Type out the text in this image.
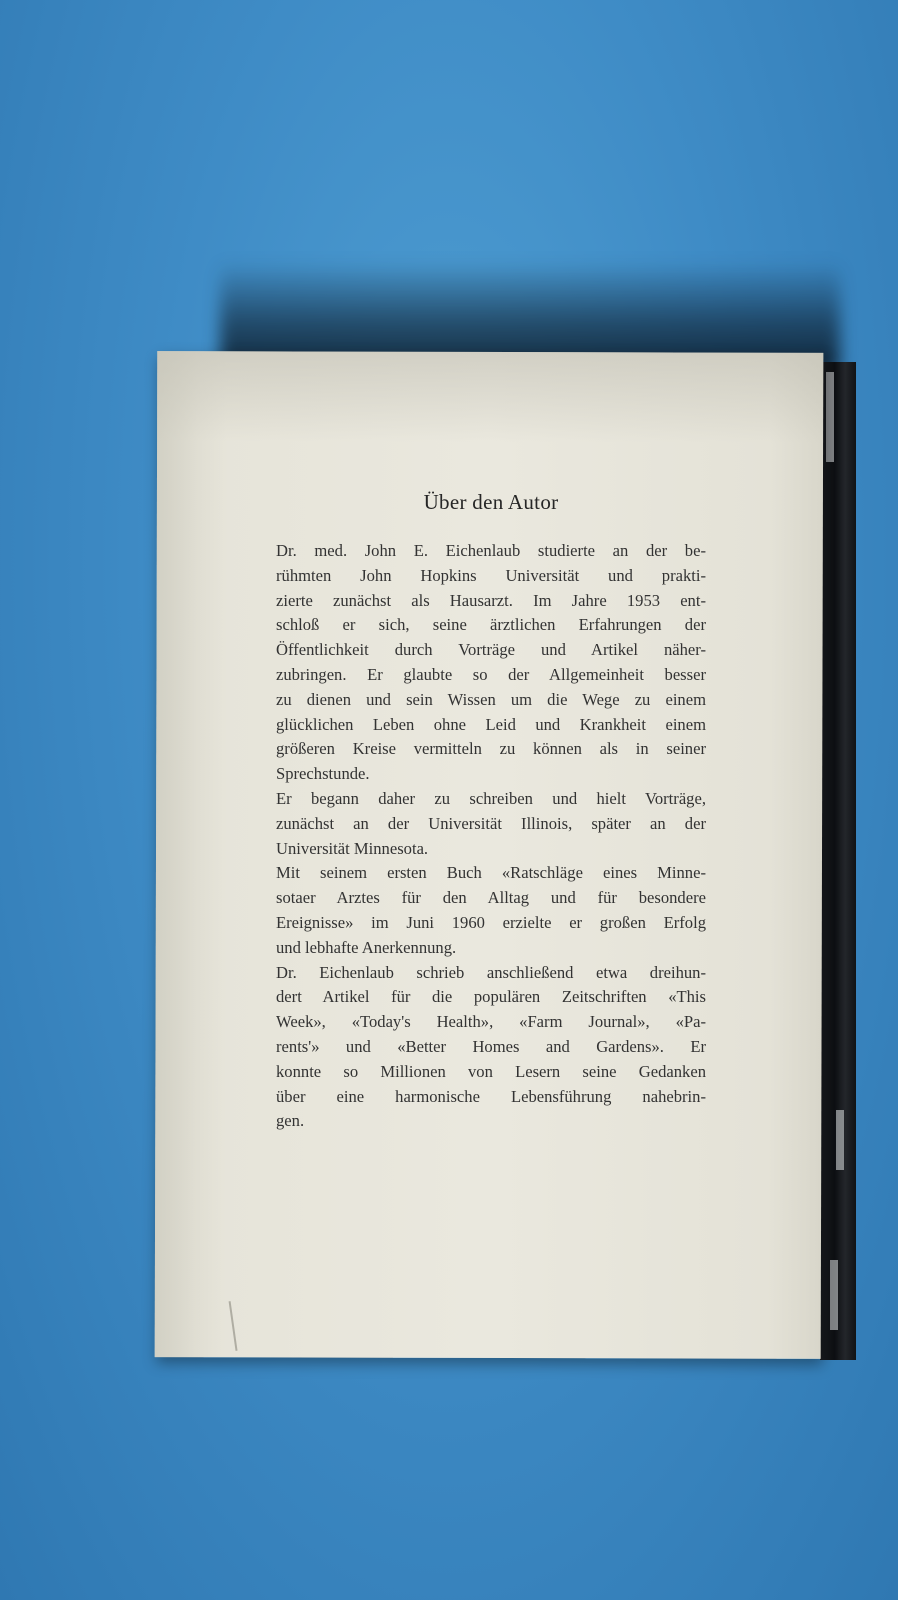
Über den Autor
Dr. med. John E. Eichenlaub studierte an der be-
rühmten John Hopkins Universität und prakti-
zierte zunächst als Hausarzt. Im Jahre 1953 ent-
schloß er sich, seine ärztlichen Erfahrungen der
Öffentlichkeit durch Vorträge und Artikel näher-
zubringen. Er glaubte so der Allgemeinheit besser
zu dienen und sein Wissen um die Wege zu einem
glücklichen Leben ohne Leid und Krankheit einem
größeren Kreise vermitteln zu können als in seiner
Sprechstunde.
Er begann daher zu schreiben und hielt Vorträge,
zunächst an der Universität Illinois, später an der
Universität Minnesota.
Mit seinem ersten Buch «Ratschläge eines Minne-
sotaer Arztes für den Alltag und für besondere
Ereignisse» im Juni 1960 erzielte er großen Erfolg
und lebhafte Anerkennung.
Dr. Eichenlaub schrieb anschließend etwa dreihun-
dert Artikel für die populären Zeitschriften «This
Week», «Today's Health», «Farm Journal», «Pa-
rents'» und «Better Homes and Gardens». Er
konnte so Millionen von Lesern seine Gedanken
über eine harmonische Lebensführung nahebrin-
gen.
